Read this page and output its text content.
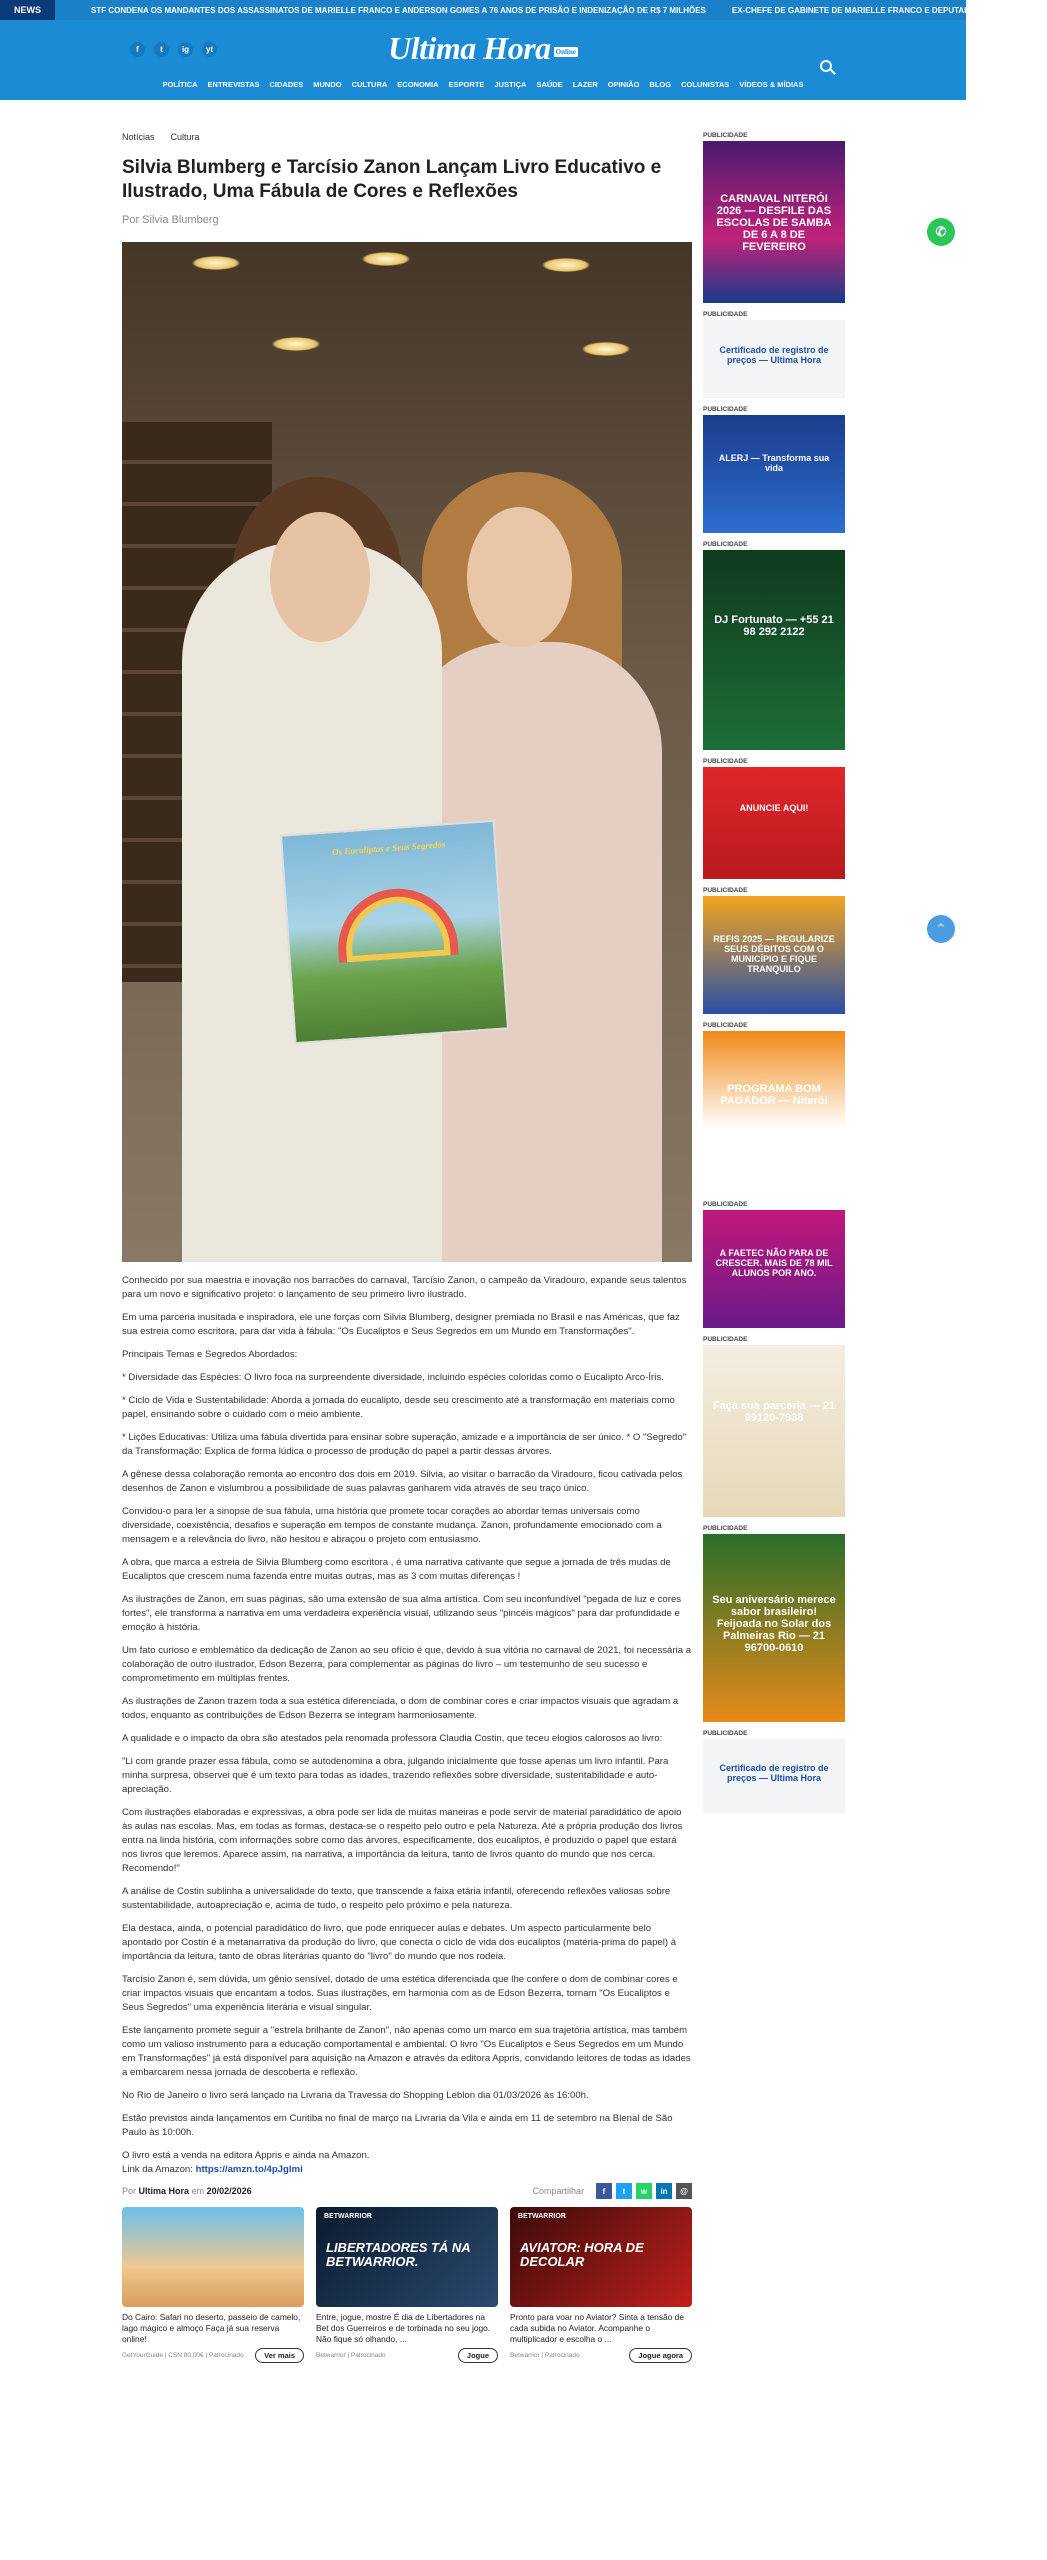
NEWS	STF CONDENA OS MANDANTES DOS ASSASSINATOS DE MARIELLE FRANCO E ANDERSON GOMES A 76 ANOS DE PRISÃO E INDENIZAÇÃO DE R$ 7 MILHÕES	EX-CHEFE DE GABINETE DE MARIELLE FRANCO E DEPUTADA MAIS VOTADA DO
f	t	ig	yt	Ultima Hora Online
POLÍTICA ENTREVISTAS CIDADES MUNDO CULTURA ECONOMIA ESPORTE JUSTIÇA SAÚDE LAZER OPINIÃO BLOG COLUNISTAS VÍDEOS & MÍDIAS
Notícias Cultura
Silvia Blumberg e Tarcísio Zanon Lançam Livro Educativo e Ilustrado, Uma Fábula de Cores e Reflexões
Por Silvia Blumberg
Os Eucaliptos e Seus Segredos

Conhecido por sua maestria e inovação nos barracões do carnaval, Tarcísio Zanon, o campeão da Viradouro, expande seus talentos para um novo e significativo projeto: o lançamento de seu primeiro livro ilustrado.

Em uma parceria inusitada e inspiradora, ele une forças com Silvia Blumberg, designer premiada no Brasil e nas Américas, que faz sua estreia como escritora, para dar vida à fábula: "Os Eucaliptos e Seus Segredos em um Mundo em Transformações".

Principais Temas e Segredos Abordados:

* Diversidade das Espécies: O livro foca na surpreendente diversidade, incluindo espécies coloridas como o Eucalipto Arco-Íris.

* Ciclo de Vida e Sustentabilidade: Aborda a jornada do eucalipto, desde seu crescimento até a transformação em materiais como papel, ensinando sobre o cuidado com o meio ambiente.

* Lições Educativas: Utiliza uma fábula divertida para ensinar sobre superação, amizade e a importância de ser único. * O "Segredo" da Transformação: Explica de forma lúdica o processo de produção do papel a partir dessas árvores.

A gênese dessa colaboração remonta ao encontro dos dois em 2019. Silvia, ao visitar o barracão da Viradouro, ficou cativada pelos desenhos de Zanon e vislumbrou a possibilidade de suas palavras ganharem vida através de seu traço único.

Convidou-o para ler a sinopse de sua fábula, uma história que promete tocar corações ao abordar temas universais como diversidade, coexistência, desafios e superação em tempos de constante mudança. Zanon, profundamente emocionado com a mensagem e a relevância do livro, não hesitou e abraçou o projeto com entusiasmo.

A obra, que marca a estreia de Silvia Blumberg como escritora , é uma narrativa cativante que segue a jornada de três mudas de Eucaliptos que crescem numa fazenda entre muitas outras, mas as 3 com muitas diferenças !

As ilustrações de Zanon, em suas páginas, são uma extensão de sua alma artística. Com seu inconfundível "pegada de luz e cores fortes", ele transforma a narrativa em uma verdadeira experiência visual, utilizando seus "pincéis mágicos" para dar profundidade e emoção à história.

Um fato curioso e emblemático da dedicação de Zanon ao seu ofício é que, devido à sua vitória no carnaval de 2021, foi necessária a colaboração de outro ilustrador, Edson Bezerra, para complementar as páginas do livro – um testemunho de seu sucesso e comprometimento em múltiplas frentes.

As ilustrações de Zanon trazem toda a sua estética diferenciada, o dom de combinar cores e criar impactos visuais que agradam a todos, enquanto as contribuições de Edson Bezerra se integram harmoniosamente.

A qualidade e o impacto da obra são atestados pela renomada professora Claudia Costin, que teceu elogios calorosos ao livro:

"Li com grande prazer essa fábula, como se autodenomina a obra, julgando inicialmente que fosse apenas um livro infantil. Para minha surpresa, observei que é um texto para todas as idades, trazendo reflexões sobre diversidade, sustentabilidade e auto-apreciação.

Com ilustrações elaboradas e expressivas, a obra pode ser lida de muitas maneiras e pode servir de material paradidático de apoio às aulas nas escolas. Mas, em todas as formas, destaca-se o respeito pelo outro e pela Natureza. Até a própria produção dos livros entra na linda história, com informações sobre como das árvores, especificamente, dos eucaliptos, é produzido o papel que estará nos livros que leremos. Aparece assim, na narrativa, a importância da leitura, tanto de livros quanto do mundo que nos cerca. Recomendo!"

A análise de Costin sublinha a universalidade do texto, que transcende a faixa etária infantil, oferecendo reflexões valiosas sobre sustentabilidade, autoapreciação e, acima de tudo, o respeito pelo próximo e pela natureza.

Ela destaca, ainda, o potencial paradidático do livro, que pode enriquecer aulas e debates. Um aspecto particularmente belo apontado por Costin é a metanarrativa da produção do livro, que conecta o ciclo de vida dos eucaliptos (matéria-prima do papel) à importância da leitura, tanto de obras literárias quanto do "livro" do mundo que nos rodeia.

Tarcísio Zanon é, sem dúvida, um gênio sensível, dotado de uma estética diferenciada que lhe confere o dom de combinar cores e criar impactos visuais que encantam a todos. Suas ilustrações, em harmonia com as de Edson Bezerra, tornam "Os Eucaliptos e Seus Segredos" uma experiência literária e visual singular.

Este lançamento promete seguir a "estrela brilhante de Zanon", não apenas como um marco em sua trajetória artística, mas também como um valioso instrumento para a educação comportamental e ambiental. O livro "Os Eucaliptos e Seus Segredos em um Mundo em Transformações" já está disponível para aquisição na Amazon e através da editora Appris, convidando leitores de todas as idades a embarcarem nessa jornada de descoberta e reflexão.

No Rio de Janeiro o livro será lançado na Livraria da Travessa do Shopping Leblon dia 01/03/2026 às 16:00h.

Estão previstos ainda lançamentos em Curitiba no final de março na Livraria da Vila e ainda em 11 de setembro na Blenal de São Paulo às 10:00h.

O livro está a venda na editora Appris e ainda na Amazon.
Link da Amazon: https://amzn.to/4pJglmi

Por Ultima Hora em 20/02/2026	Compartilhar	f	t	w	in	@
Do Cairo: Safari no deserto, passeio de camelo, lago mágico e almoço Faça já sua reserva online!
GetYourGuide | CSN 80.00€ | Patrocinado	Ver mais
BETWARRIOR
LIBERTADORES TÁ NA BETWARRIOR.
Entre, jogue, mostre É dia de Libertadores na Bet dos Guerreiros e de torbinada no seu jogo. Não fique só olhando, ...
Betwarrior | Patrocinado	Jogue
BETWARRIOR
AVIATOR: HORA DE DECOLAR
Pronto para voar no Aviator? Sinta a tensão de cada subida no Aviator. Acompanhe o multiplicador e escolha o ...
Betwarrior | Patrocinado	Jogue agora
PUBLICIDADE
CARNAVAL NITERÓI 2026 — DESFILE DAS ESCOLAS DE SAMBA DE 6 A 8 DE FEVEREIRO
PUBLICIDADE
Certificado de registro de preços — Ultima Hora
PUBLICIDADE
ALERJ — Transforma sua vida
PUBLICIDADE
DJ Fortunato — +55 21 98 292 2122
PUBLICIDADE
ANUNCIE AQUI!
PUBLICIDADE
REFIS 2025 — REGULARIZE SEUS DÉBITOS COM O MUNICÍPIO E FIQUE TRANQUILO
PUBLICIDADE
PROGRAMA BOM PAGADOR — Niterói
PUBLICIDADE
A FAETEC NÃO PARA DE CRESCER. MAIS DE 78 MIL ALUNOS POR ANO.
PUBLICIDADE
Faça sua parceria — 21 99120-7938
PUBLICIDADE
Seu aniversário merece sabor brasileiro! Feijoada no Solar dos Palmeiras Rio — 21 96700-0610
PUBLICIDADE
Certificado de registro de preços — Ultima Hora
✆
⌃
